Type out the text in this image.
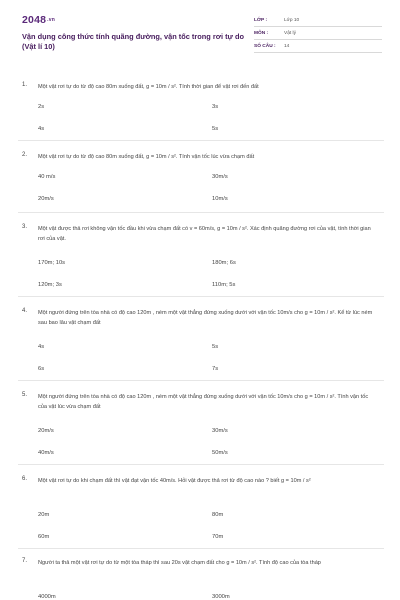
2048.vn
Vận dụng công thức tính quãng đường, vận tốc trong rơi tự do (Vật lí 10)
LỚP :	Lớp 10
MÔN :	Vật lý
SỐ CÂU :	14
1. Một vật rơi tự do từ độ cao 80m xuống đất, g = 10m / s². Tính thời gian để vật rơi đến đất
2s	3s
4s	5s
2. Một vật rơi tự do từ độ cao 80m xuống đất, g = 10m / s². Tính vận tốc lúc vừa chạm đất
40 m/s	30m/s
20m/s	10m/s
3. Một vật được thả rơi không vận tốc đầu khi vừa chạm đất có v = 60m/s, g = 10m / s². Xác định quãng đường rơi của vật, tính thời gian rơi của vật.
170m; 10s	180m; 6s
120m; 3s	110m; 5s
4. Một người đứng trên tòa nhà có độ cao 120m , ném một vật thẳng đứng xuống dưới với vận tốc 10m/s cho g = 10m / s². Kể từ lúc ném sau bao lâu vật chạm đất
4s	5s
6s	7s
5. Một người đứng trên tòa nhà có độ cao 120m , ném một vật thẳng đứng xuống dưới với vận tốc 10m/s cho g = 10m / s². Tính vận tốc của vật lúc vừa chạm đất
20m/s	30m/s
40m/s	50m/s
6. Một vật rơi tự do khi chạm đất thì vật đạt vận tốc 40m/s. Hỏi vật được thả rơi từ độ cao nào ? biết g = 10m / s²
20m	80m
60m	70m
7. Người ta thả một vật rơi tự do từ một tòa tháp thì sau 20s vật chạm đất cho g = 10m / s². Tính độ cao của tòa tháp
4000m	3000m
